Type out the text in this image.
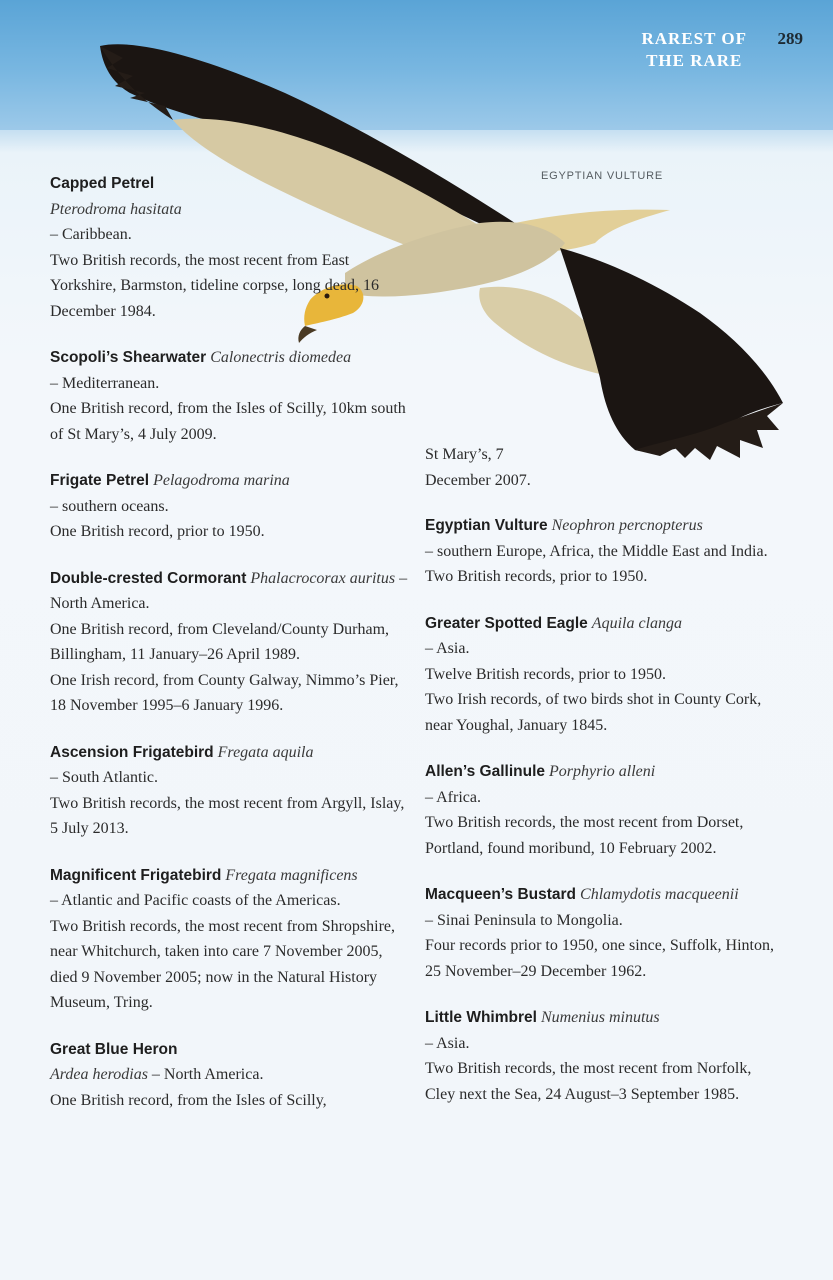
RAREST OF
THE RARE
289
EGYPTIAN VULTURE

Capped Petrel
Pterodroma hasitata

– Caribbean.

Two British records, the most recent from East Yorkshire, Barmston, tideline corpse, long dead, 16 December 1984.

Scopoli’s Shearwater Calonectris diomedea

– Mediterranean.

One British record, from the Isles of Scilly, 10km south of St Mary’s, 4 July 2009.

Frigate Petrel Pelagodroma marina

– southern oceans.

One British record, prior to 1950.

Double-crested Cormorant Phalacrocorax auritus – North America.

One British record, from Cleveland/County Durham, Billingham, 11 January–26 April 1989.

One Irish record, from County Galway, Nimmo’s Pier, 18 November 1995–6 January 1996.

Ascension Frigatebird Fregata aquila

– South Atlantic.

Two British records, the most recent from Argyll, Islay, 5 July 2013.

Magnificent Frigatebird Fregata magnificens

– Atlantic and Pacific coasts of the Americas.

Two British records, the most recent from Shropshire, near Whitchurch, taken into care 7 November 2005, died 9 November 2005; now in the Natural History Museum, Tring.

Great Blue Heron

Ardea herodias – North America.

One British record, from the Isles of Scilly,

St Mary’s, 7 December 2007.

Egyptian Vulture Neophron percnopterus

– southern Europe, Africa, the Middle East and India.

Two British records, prior to 1950.

Greater Spotted Eagle Aquila clanga

– Asia.

Twelve British records, prior to 1950.

Two Irish records, of two birds shot in County Cork, near Youghal, January 1845.

Allen’s Gallinule Porphyrio alleni

– Africa.

Two British records, the most recent from Dorset, Portland, found moribund, 10 February 2002.

Macqueen’s Bustard Chlamydotis macqueenii

– Sinai Peninsula to Mongolia.

Four records prior to 1950, one since, Suffolk, Hinton, 25 November–29 December 1962.

Little Whimbrel Numenius minutus

– Asia.

Two British records, the most recent from Norfolk, Cley next the Sea, 24 August–3 September 1985.
